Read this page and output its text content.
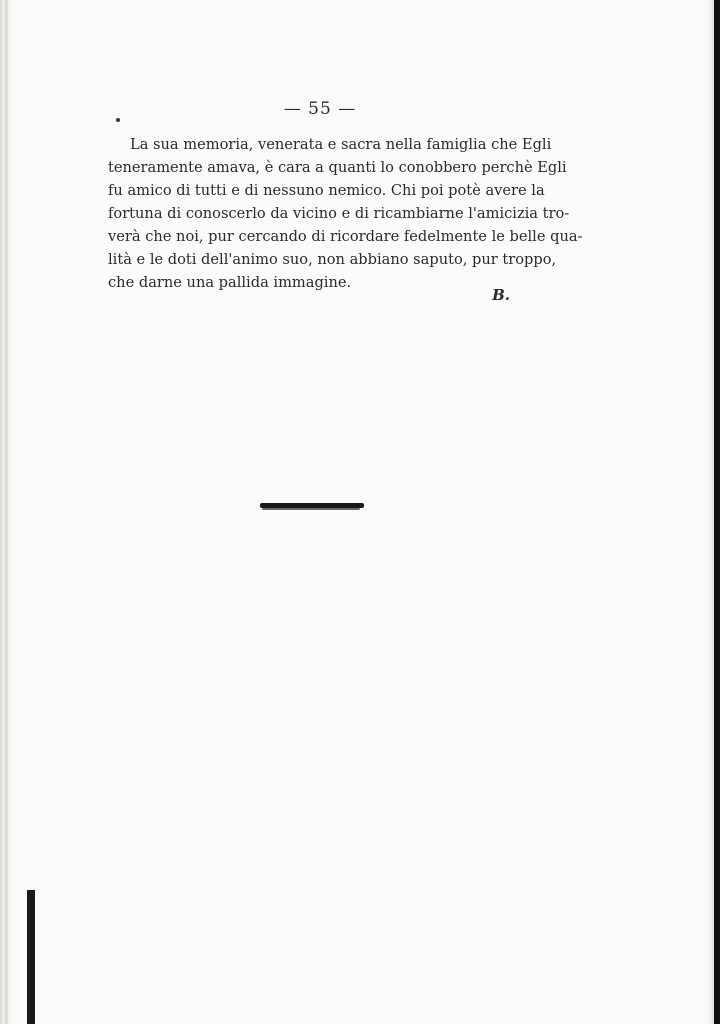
— 55 —

La sua memoria, venerata e sacra nella famiglia che Egli
teneramente amava, è cara a quanti lo conobbero perchè Egli
fu amico di tutti e di nessuno nemico. Chi poi potè avere la
fortuna di conoscerlo da vicino e di ricambiarne l'amicizia tro-
verà che noi, pur cercando di ricordare fedelmente le belle qua-
lità e le doti dell'animo suo, non abbiano saputo, pur troppo,
che darne una pallida immagine.

B.
